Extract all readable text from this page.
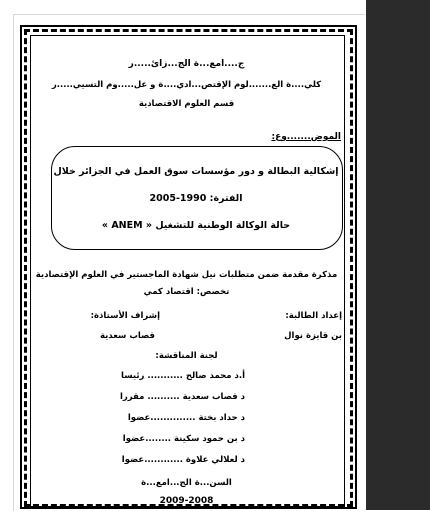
ج....امع...ة الج...زائ.....ر
كلي....ة الع.......لوم الإقتص...ادي....ة و عل.....وم التسيي.....ر
قسم العلوم الاقتصادية
الموض.......وع:
إشكالية البطالة و دور مؤسسات سوق العمل في الجزائر خلال
الفترة: 1990-2005
حالة الوكالة الوطنية للتشغيل « ANEM »
مذكرة مقدمة ضمن متطلبات نيل شهادة الماجستير في العلوم الإقتصادية
تخصص: اقتصاد كمي
إعداد الطالبة:
بن قايزة نوال
إشراف الأستاذة:
قصاب سعدية
لجنة المناقشة:
أ.د محمد صالح ........... رئيسا
د قصاب سعدية .......... مقررا
د حداد بختة ..............عضوا
د بن حمود سكينة ........عضوا
د لعلالي علاوة ............عضوا
السن...ة الج...امع...ة
2009-2008
